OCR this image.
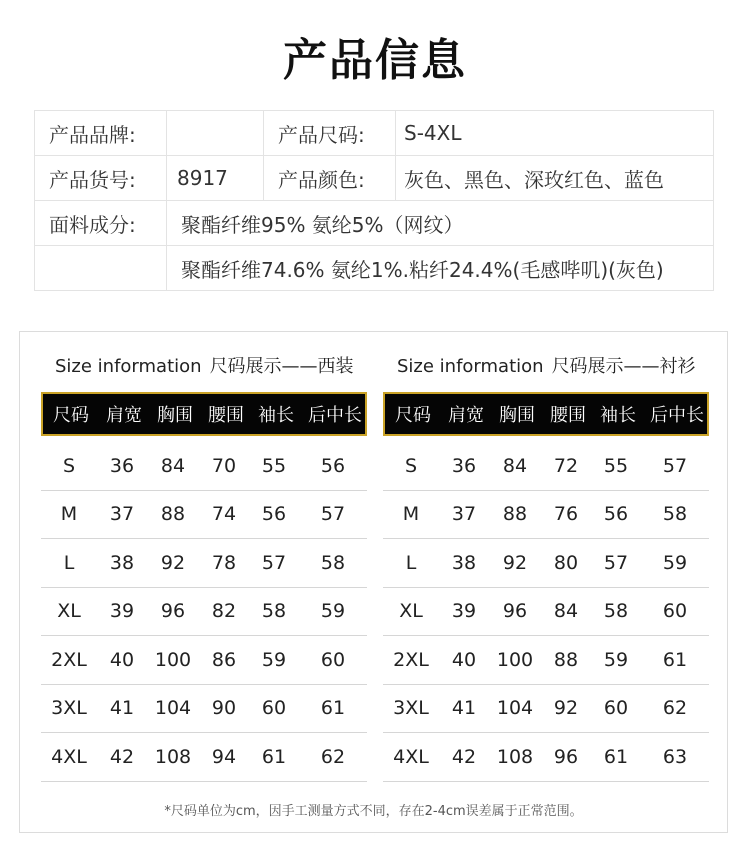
产品信息
产品品牌:		产品尺码:	S-4XL
产品货号:	8917	产品颜色:	灰色、黑色、深玫红色、蓝色
面料成分:	聚酯纤维95% 氨纶5%（网纹）		
	聚酯纤维74.6% 氨纶1%.粘纤24.4%(毛感哔叽)(灰色)		
Size information 尺码展示——西装
尺码 肩宽 胸围 腰围 袖长 后中长
S	36	84	70	55	56
M	37	88	74	56	57
L	38	92	78	57	58
XL	39	96	82	58	59
2XL	40	100	86	59	60
3XL	41	104	90	60	61
4XL	42	108	94	61	62
Size information 尺码展示——衬衫
尺码 肩宽 胸围 腰围 袖长 后中长
S	36	84	72	55	57
M	37	88	76	56	58
L	38	92	80	57	59
XL	39	96	84	58	60
2XL	40	100	88	59	61
3XL	41	104	92	60	62
4XL	42	108	96	61	63
*尺码单位为cm，因手工测量方式不同，存在2-4cm误差属于正常范围。
